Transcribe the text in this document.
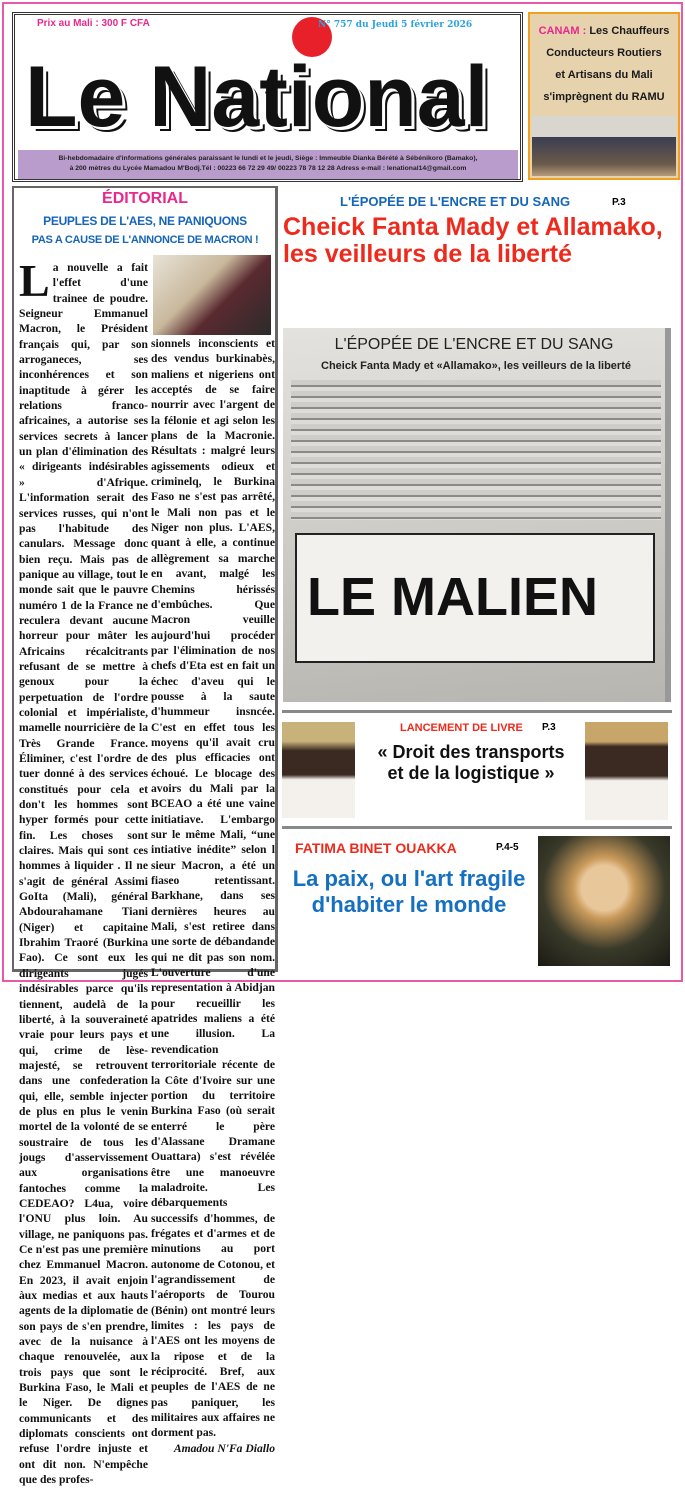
Le National
Prix au Mali : 300 F CFA	N° 757 du Jeudi 5 février 2026
Bi-hebdomadaire d'informations générales paraissant le lundi et le jeudi, Siège : Immeuble Dianka Bérété à Sébénikoro (Bamako),
à 200 mètres du Lycée Mamadou M'Bodj.Tél : 00223 66 72 29 49/ 00223 78 78 12 28 Adress e-mail : lenational14@gmail.com
CANAM : Les Chauffeurs
Conducteurs Routiers
et Artisans du Mali
s'imprègnent du RAMU
ÉDITORIAL
PEUPLES DE L'AES, NE PANIQUONS
PAS A CAUSE DE L'ANNONCE DE MACRON !
La nouvelle a fait l'effet d'une trainee de poudre. Seigneur Emmanuel Macron, le Président français qui, par son arroganeces, ses inconhérences et son inaptitude à gérer les relations franco-africaines, a autorise ses services secrets à lancer un plan d'élimination des « dirigeants indésirables » d'Afrique. L'information serait des services russes, qui n'ont pas l'habitude des canulars. Message donc bien reçu. Mais pas de panique au village, tout le monde sait que le pauvre numéro 1 de la France ne reculera devant aucune horreur pour mâter les Africains récalcitrants refusant de se mettre à genoux pour la perpetuation de l'ordre colonial et impérialiste, mamelle nourricière de la Très Grande France. Éliminer, c'est l'ordre de tuer donné à des services constitués pour cela et don't les hommes sont hyper formés pour cette fin. Les choses sont claires. Mais qui sont ces hommes à liquider . Il ne s'agit de général Assimi GoIta (Mali), général Abdourahamane Tiani (Niger) et capitaine Ibrahim Traoré (Burkina Fao). Ce sont eux les dirigeants jugés indésirables parce qu'ils tiennent, audelà de la liberté, à la souveraineté vraie pour leurs pays et qui, crime de lèse-majesté, se retrouvent dans une confederation qui, elle, semble injecter de plus en plus le venin mortel de la volonté de se soustraire de tous les jougs d'asservissement aux organisations fantoches comme la CEDEAO? L4ua, voire l'ONU plus loin. Au village, ne paniquons pas. Ce n'est pas une première chez Emmanuel Macron. En 2023, il avait enjoin àux medias et aux hauts agents de la diplomatie de son pays de s'en prendre, avec de la nuisance à chaque renouvelée, aux trois pays que sont le Burkina Faso, le Mali et le Niger. De dignes communicants et des diplomats conscients ont refuse l'ordre injuste et ont dit non. N'empêche que des profes-
sionnels inconscients et des vendus burkinabès, maliens et nigeriens ont acceptés de se faire nourrir avec l'argent de la félonie et agi selon les plans de la Macronie. Résultats : malgré leurs agissements odieux et criminelq, le Burkina Faso ne s'est pas arrêté, le Mali non pas et le Niger non plus. L'AES, quant à elle, a continue allègrement sa marche en avant, malgé les Chemins hérissés d'embûches. Que Macron veuille aujourd'hui procéder par l'élimination de nos chefs d'Eta est en fait un échec d'aveu qui le pousse à la saute d'hummeur insncée. C'est en effet tous les moyens qu'il avait cru des plus efficacies ont échoué. Le blocage des avoirs du Mali par la BCEAO a été une vaine initiatiave. L'embargo sur le même Mali, “une intiative inédite” selon l sieur Macron, a été un fiaseo retentissant. Barkhane, dans ses dernières heures au Mali, s'est retiree dans une sorte de débandande qui ne dit pas son nom. L'ouverture d'une representation à Abidjan pour recueillir les apatrides maliens a été une illusion. La revendication terroritoriale récente de la Côte d'Ivoire sur une portion du territoire Burkina Faso (où serait enterré le père d'Alassane Dramane Ouattara) s'est révélée être une manoeuvre maladroite. Les débarquements successifs d'hommes, de frégates et d'armes et de minutions au port autonome de Cotonou, et l'agrandissement de l'aéroports de Tourou (Bénin) ont montré leurs limites : les pays de l'AES ont les moyens de la ripose et de la réciprocité. Bref, aux peuples de l'AES de ne pas paniquer, les militaires aux affaires ne dorment pas.
Amadou N'Fa Diallo
L'ÉPOPÉE DE L'ENCRE ET DU SANG	P.3
Cheick Fanta Mady et Allamako,
les veilleurs de la liberté
L'ÉPOPÉE DE L'ENCRE ET DU SANG
Cheick Fanta Mady et «Allamako», les veilleurs de la liberté
LE MALIEN
LANCEMENT DE LIVRE P.3
« Droit des transports
et de la logistique »
FATIMA BINET OUAKKA	P.4-5
La paix, ou l'art fragile
d'habiter le monde
